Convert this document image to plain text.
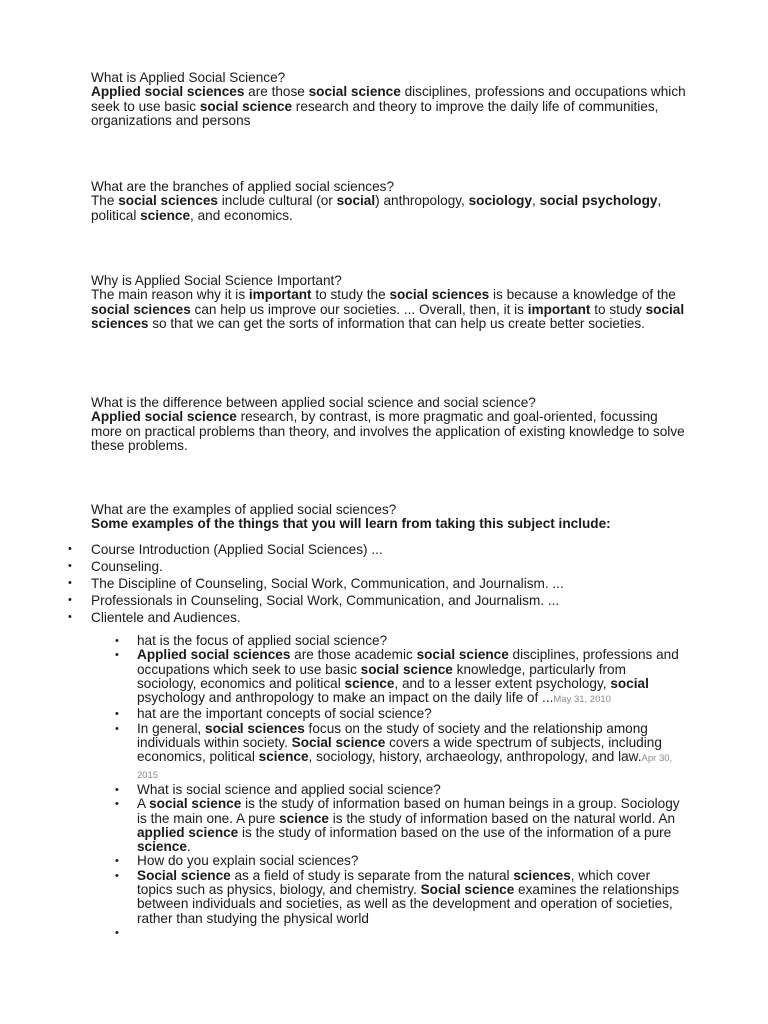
What is Applied Social Science?
Applied social sciences are those social science disciplines, professions and occupations which seek to use basic social science research and theory to improve the daily life of communities, organizations and persons
What are the branches of applied social sciences?
The social sciences include cultural (or social) anthropology, sociology, social psychology, political science, and economics.
Why is Applied Social Science Important?
The main reason why it is important to study the social sciences is because a knowledge of the social sciences can help us improve our societies. ... Overall, then, it is important to study social sciences so that we can get the sorts of information that can help us create better societies.
What is the difference between applied social science and social science?
Applied social science research, by contrast, is more pragmatic and goal-oriented, focussing more on practical problems than theory, and involves the application of existing knowledge to solve these problems.
What are the examples of applied social sciences?
Some examples of the things that you will learn from taking this subject include:
• Course Introduction (Applied Social Sciences) ...
• Counseling.
• The Discipline of Counseling, Social Work, Communication, and Journalism. ...
• Professionals in Counseling, Social Work, Communication, and Journalism. ...
• Clientele and Audiences.
• hat is the focus of applied social science?
• Applied social sciences are those academic social science disciplines, professions and occupations which seek to use basic social science knowledge, particularly from sociology, economics and political science, and to a lesser extent psychology, social psychology and anthropology to make an impact on the daily life of ...May 31, 2010
• hat are the important concepts of social science?
• In general, social sciences focus on the study of society and the relationship among individuals within society. Social science covers a wide spectrum of subjects, including economics, political science, sociology, history, archaeology, anthropology, and law.Apr 30, 2015
• What is social science and applied social science?
• A social science is the study of information based on human beings in a group. Sociology is the main one. A pure science is the study of information based on the natural world. An applied science is the study of information based on the use of the information of a pure science.
• How do you explain social sciences?
• Social science as a field of study is separate from the natural sciences, which cover topics such as physics, biology, and chemistry. Social science examines the relationships between individuals and societies, as well as the development and operation of societies, rather than studying the physical world
•
